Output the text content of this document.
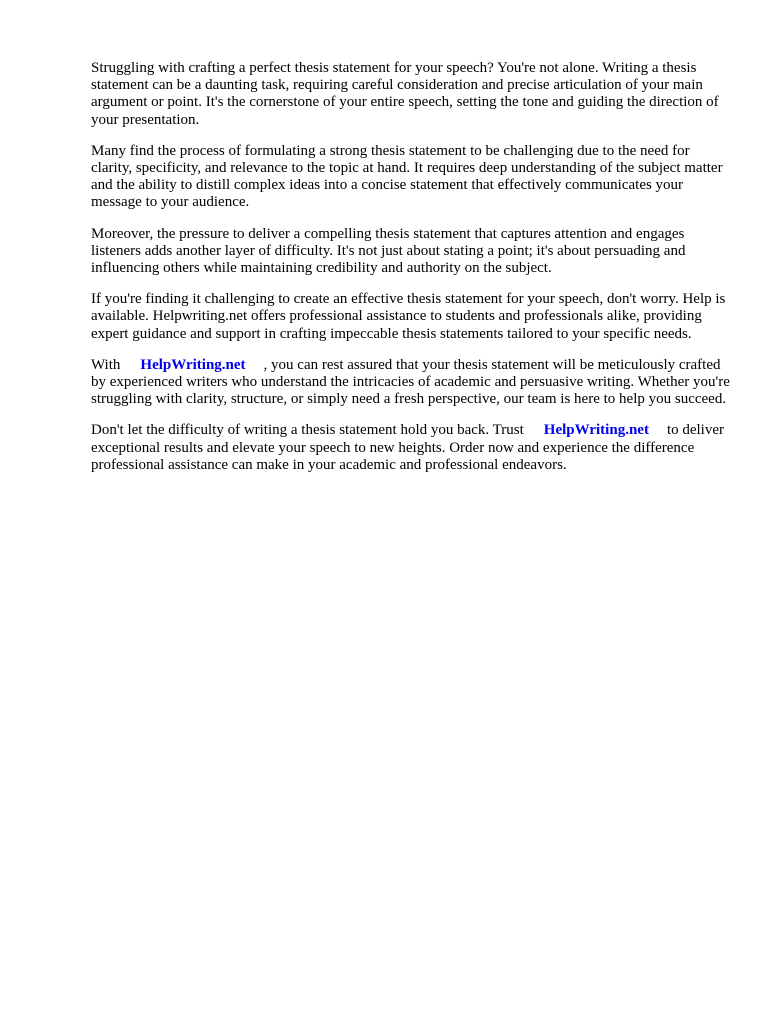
Struggling with crafting a perfect thesis statement for your speech? You're not alone. Writing a thesis statement can be a daunting task, requiring careful consideration and precise articulation of your main argument or point. It's the cornerstone of your entire speech, setting the tone and guiding the direction of your presentation.

Many find the process of formulating a strong thesis statement to be challenging due to the need for clarity, specificity, and relevance to the topic at hand. It requires deep understanding of the subject matter and the ability to distill complex ideas into a concise statement that effectively communicates your message to your audience.

Moreover, the pressure to deliver a compelling thesis statement that captures attention and engages listeners adds another layer of difficulty. It's not just about stating a point; it's about persuading and influencing others while maintaining credibility and authority on the subject.

If you're finding it challenging to create an effective thesis statement for your speech, don't worry. Help is available. Helpwriting.net offers professional assistance to students and professionals alike, providing expert guidance and support in crafting impeccable thesis statements tailored to your specific needs.

With HelpWriting.net , you can rest assured that your thesis statement will be meticulously crafted by experienced writers who understand the intricacies of academic and persuasive writing. Whether you're struggling with clarity, structure, or simply need a fresh perspective, our team is here to help you succeed.

Don't let the difficulty of writing a thesis statement hold you back. Trust HelpWriting.net to deliver exceptional results and elevate your speech to new heights. Order now and experience the difference professional assistance can make in your academic and professional endeavors.
